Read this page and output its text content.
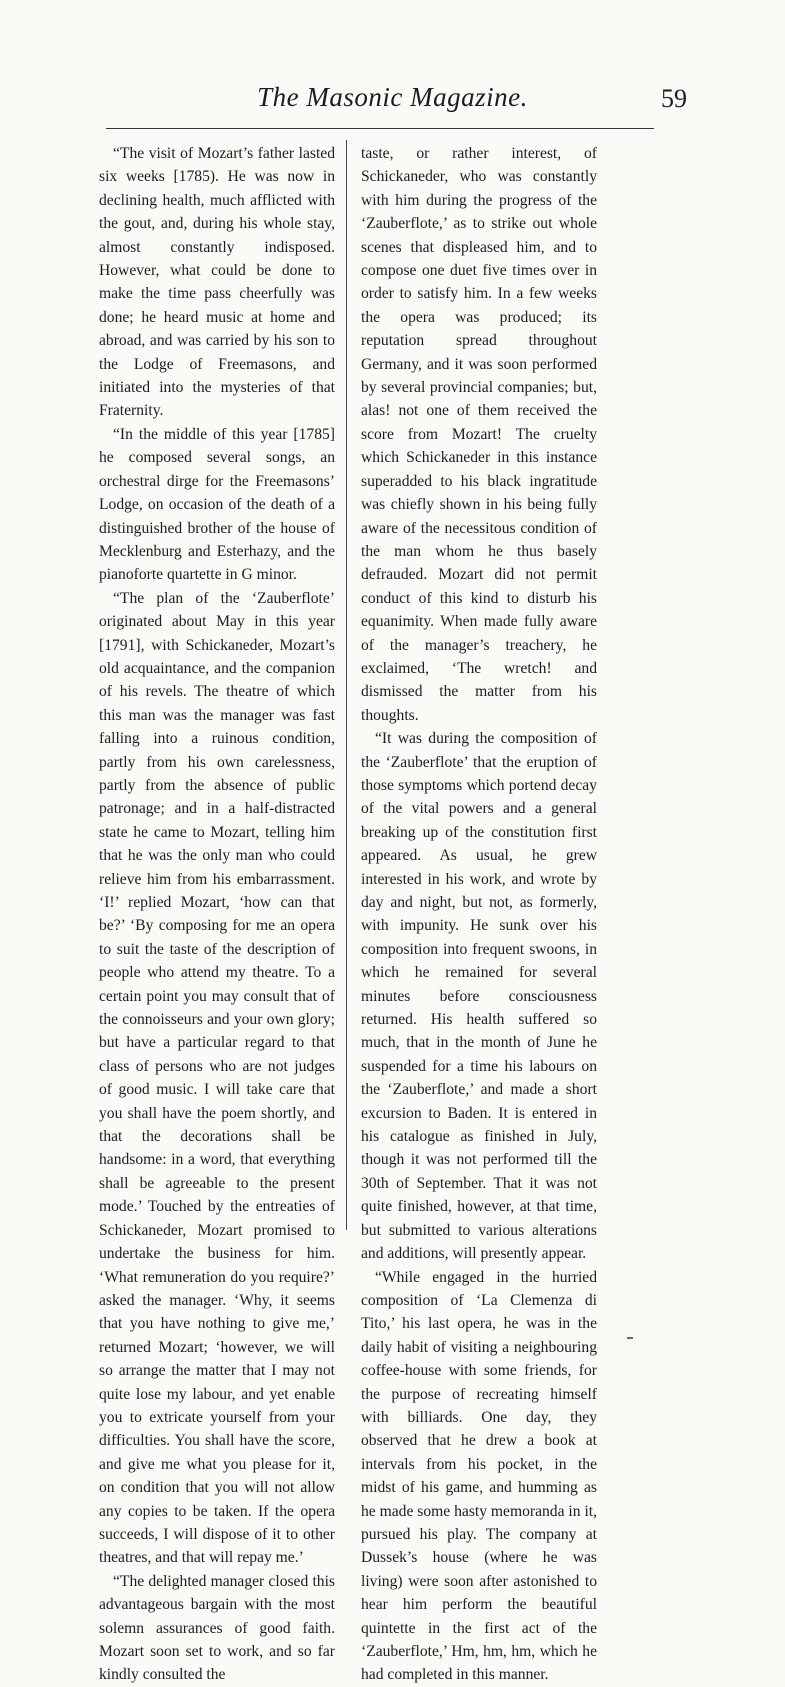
The Masonic Magazine.	59

“The visit of Mozart’s father lasted six weeks [1785). He was now in declining health, much afflicted with the gout, and, during his whole stay, almost constantly indisposed. However, what could be done to make the time pass cheerfully was done; he heard music at home and abroad, and was carried by his son to the Lodge of Freemasons, and initiated into the mysteries of that Fraternity.

“In the middle of this year [1785] he composed several songs, an orchestral dirge for the Freemasons’ Lodge, on occasion of the death of a distinguished brother of the house of Mecklenburg and Esterhazy, and the pianoforte quartette in G minor.

“The plan of the ‘Zauberflote’ originated about May in this year [1791], with Schickaneder, Mozart’s old acquaintance, and the companion of his revels. The theatre of which this man was the manager was fast falling into a ruinous condition, partly from his own carelessness, partly from the absence of public patronage; and in a half-distracted state he came to Mozart, telling him that he was the only man who could relieve him from his embarrassment. ‘I!’ replied Mozart, ‘how can that be?’ ‘By composing for me an opera to suit the taste of the description of people who attend my theatre. To a certain point you may consult that of the connoisseurs and your own glory; but have a particular regard to that class of persons who are not judges of good music. I will take care that you shall have the poem shortly, and that the decorations shall be handsome: in a word, that everything shall be agreeable to the present mode.’ Touched by the entreaties of Schickaneder, Mozart promised to undertake the business for him. ‘What remuneration do you require?’ asked the manager. ‘Why, it seems that you have nothing to give me,’ returned Mozart; ‘however, we will so arrange the matter that I may not quite lose my labour, and yet enable you to extricate yourself from your difficulties. You shall have the score, and give me what you please for it, on condition that you will not allow any copies to be taken. If the opera succeeds, I will dispose of it to other theatres, and that will repay me.’

“The delighted manager closed this advantageous bargain with the most solemn assurances of good faith. Mozart soon set to work, and so far kindly consulted the

taste, or rather interest, of Schickaneder, who was constantly with him during the progress of the ‘Zauberflote,’ as to strike out whole scenes that displeased him, and to compose one duet five times over in order to satisfy him. In a few weeks the opera was produced; its reputation spread throughout Germany, and it was soon performed by several provincial companies; but, alas! not one of them received the score from Mozart! The cruelty which Schickaneder in this instance superadded to his black ingratitude was chiefly shown in his being fully aware of the necessitous condition of the man whom he thus basely defrauded. Mozart did not permit conduct of this kind to disturb his equanimity. When made fully aware of the manager’s treachery, he exclaimed, ‘The wretch! and dismissed the matter from his thoughts.

“It was during the composition of the ‘Zauberflote’ that the eruption of those symptoms which portend decay of the vital powers and a general breaking up of the constitution first appeared. As usual, he grew interested in his work, and wrote by day and night, but not, as formerly, with impunity. He sunk over his composition into frequent swoons, in which he remained for several minutes before consciousness returned. His health suffered so much, that in the month of June he suspended for a time his labours on the ‘Zauberflote,’ and made a short excursion to Baden. It is entered in his catalogue as finished in July, though it was not performed till the 30th of September. That it was not quite finished, however, at that time, but submitted to various alterations and additions, will presently appear.

“While engaged in the hurried composition of ‘La Clemenza di Tito,’ his last opera, he was in the daily habit of visiting a neighbouring coffee-house with some friends, for the purpose of recreating himself with billiards. One day, they observed that he drew a book at intervals from his pocket, in the midst of his game, and humming as he made some hasty memoranda in it, pursued his play. The company at Dussek’s house (where he was living) were soon after astonished to hear him perform the beautiful quintette in the first act of the ‘Zauberflote,’ Hm, hm, hm, which he had completed in this manner.
